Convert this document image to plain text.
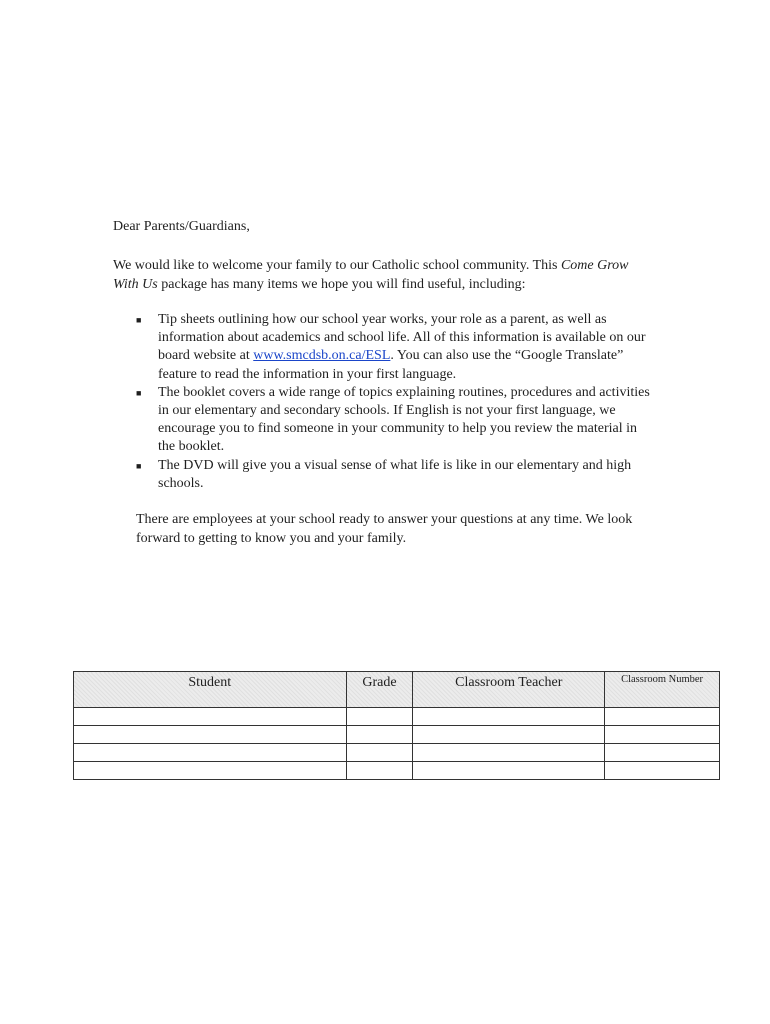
Dear Parents/Guardians,
We would like to welcome your family to our Catholic school community. This Come Grow With Us package has many items we hope you will find useful, including:
■ Tip sheets outlining how our school year works, your role as a parent, as well as information about academics and school life. All of this information is available on our board website at www.smcdsb.on.ca/ESL. You can also use the “Google Translate” feature to read the information in your first language.
■ The booklet covers a wide range of topics explaining routines, procedures and activities in our elementary and secondary schools. If English is not your first language, we encourage you to find someone in your community to help you review the material in the booklet.
■ The DVD will give you a visual sense of what life is like in our elementary and high schools.
There are employees at your school ready to answer your questions at any time. We look forward to getting to know you and your family.
Student	Grade	Classroom Teacher	Classroom Number
